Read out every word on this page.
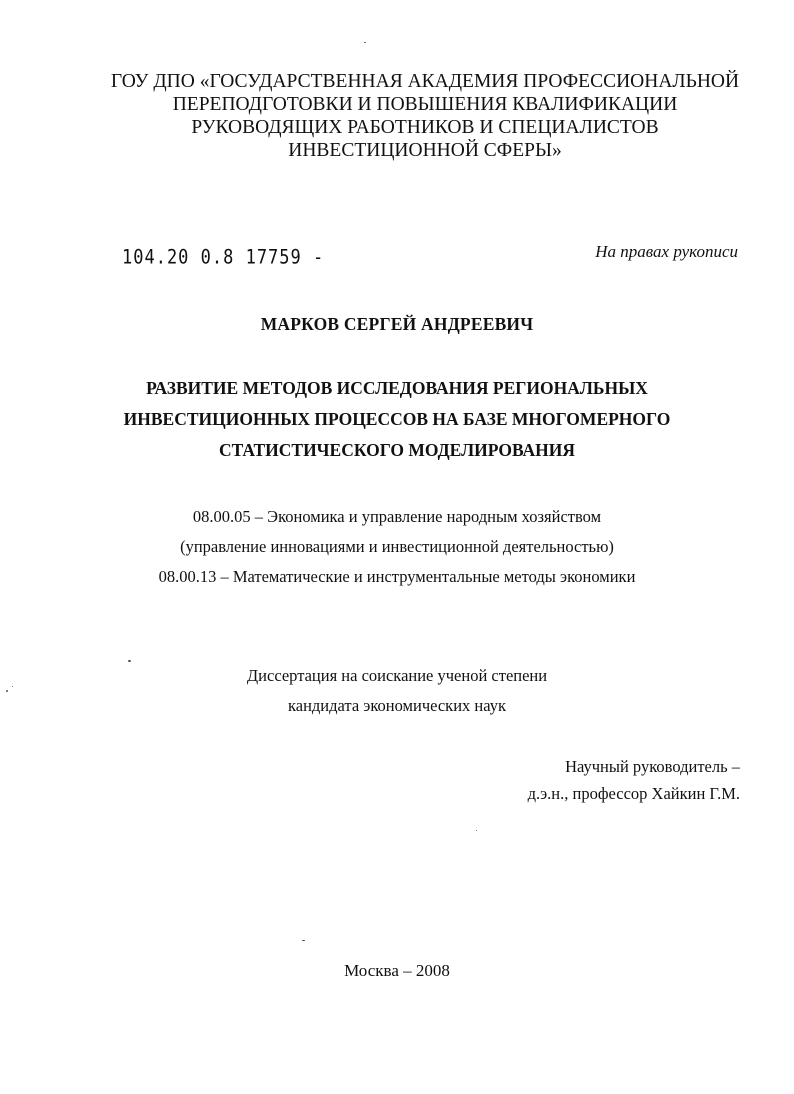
ГОУ ДПО «ГОСУДАРСТВЕННАЯ АКАДЕМИЯ ПРОФЕССИОНАЛЬНОЙ
ПЕРЕПОДГОТОВКИ И ПОВЫШЕНИЯ КВАЛИФИКАЦИИ
РУКОВОДЯЩИХ РАБОТНИКОВ И СПЕЦИАЛИСТОВ
ИНВЕСТИЦИОННОЙ СФЕРЫ»
104.20 0.8 17759 -	На правах рукописи
МАРКОВ СЕРГЕЙ АНДРЕЕВИЧ
РАЗВИТИЕ МЕТОДОВ ИССЛЕДОВАНИЯ РЕГИОНАЛЬНЫХ
ИНВЕСТИЦИОННЫХ ПРОЦЕССОВ НА БАЗЕ МНОГОМЕРНОГО
СТАТИСТИЧЕСКОГО МОДЕЛИРОВАНИЯ
08.00.05 – Экономика и управление народным хозяйством
(управление инновациями и инвестиционной деятельностью)
08.00.13 – Математические и инструментальные методы экономики
Диссертация на соискание ученой степени
кандидата экономических наук
Научный руководитель –
д.э.н., профессор Хайкин Г.М.
Москва – 2008
